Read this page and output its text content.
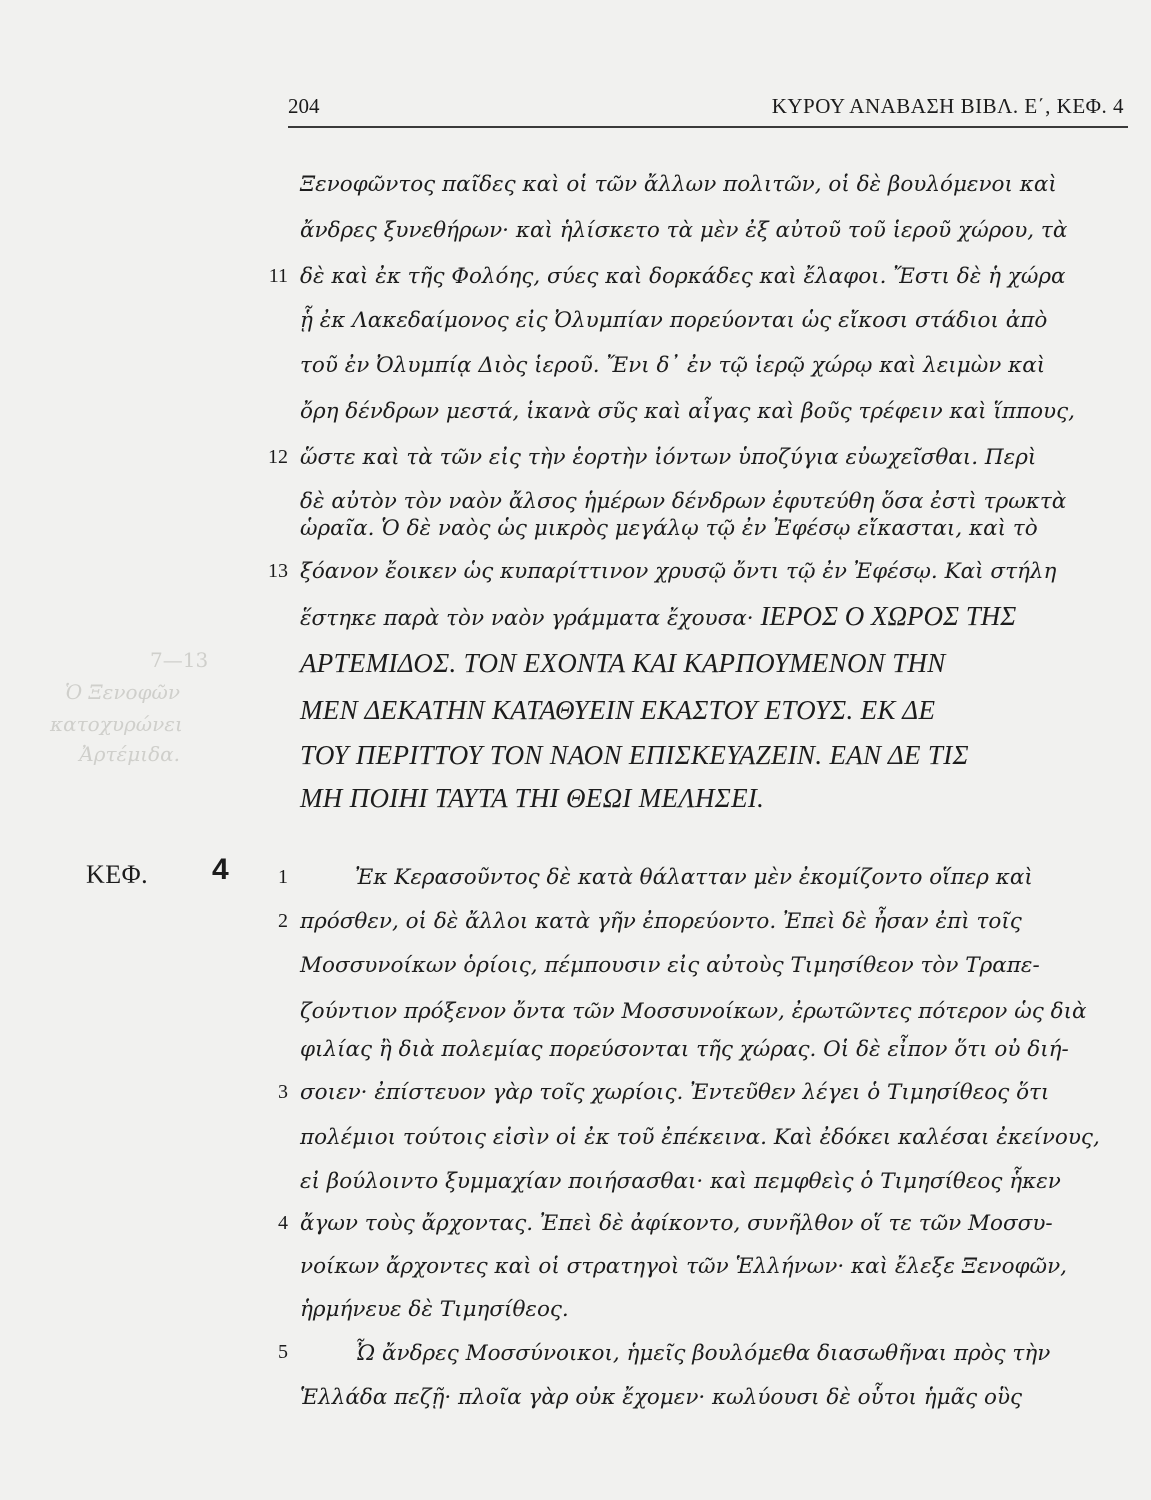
7—13
Ὁ Ξενοφῶν
κατοχυρώνει
Ἀρτέμιδα.
204	ΚΥΡΟΥ ΑΝΑΒΑΣΗ ΒΙΒΛ. Ε΄, ΚΕΦ. 4
11
12
13
1
2
3
4
5
ΚΕΦ. 4
Ξενοφῶντος παῖδες καὶ οἱ τῶν ἄλλων πολιτῶν, οἱ δὲ βουλόμενοι καὶ
ἄνδρες ξυνεθήρων· καὶ ἡλίσκετο τὰ μὲν ἐξ αὐτοῦ τοῦ ἱεροῦ χώρου, τὰ
δὲ καὶ ἐκ τῆς Φολόης, σύες καὶ δορκάδες καὶ ἔλαφοι. Ἔστι δὲ ἡ χώρα
ᾗ ἐκ Λακεδαίμονος εἰς Ὀλυμπίαν πορεύονται ὡς εἴκοσι στάδιοι ἀπὸ
τοῦ ἐν Ὀλυμπίᾳ Διὸς ἱεροῦ. Ἔνι δ᾽ ἐν τῷ ἱερῷ χώρῳ καὶ λειμὼν καὶ
ὄρη δένδρων μεστά, ἱκανὰ σῦς καὶ αἶγας καὶ βοῦς τρέφειν καὶ ἵππους,
ὥστε καὶ τὰ τῶν εἰς τὴν ἑορτὴν ἰόντων ὑποζύγια εὐωχεῖσθαι. Περὶ
δὲ αὐτὸν τὸν ναὸν ἄλσος ἡμέρων δένδρων ἐφυτεύθη ὅσα ἐστὶ τρωκτὰ
ὡραῖα. Ὁ δὲ ναὸς ὡς μικρὸς μεγάλῳ τῷ ἐν Ἐφέσῳ εἴκασται, καὶ τὸ
ξόανον ἔοικεν ὡς κυπαρίττινον χρυσῷ ὄντι τῷ ἐν Ἐφέσῳ. Καὶ στήλη
ἕστηκε παρὰ τὸν ναὸν γράμματα ἔχουσα· ΙΕΡΟΣ Ο ΧΩΡΟΣ ΤΗΣ
ΑΡΤΕΜΙΔΟΣ. ΤΟΝ ΕΧΟΝΤΑ ΚΑΙ ΚΑΡΠΟΥΜΕΝΟΝ ΤΗΝ
ΜΕΝ ΔΕΚΑΤΗΝ ΚΑΤΑΘΥΕΙΝ ΕΚΑΣΤΟΥ ΕΤΟΥΣ. ΕΚ ΔΕ
ΤΟΥ ΠΕΡΙΤΤΟΥ ΤΟΝ ΝΑΟΝ ΕΠΙΣΚΕΥΑΖΕΙΝ. ΕΑΝ ΔΕ ΤΙΣ
ΜΗ ΠΟΙΗΙ ΤΑΥΤΑ ΤΗΙ ΘΕΩΙ ΜΕΛΗΣΕΙ.
Ἐκ Κερασοῦντος δὲ κατὰ θάλατταν μὲν ἐκομίζοντο οἵπερ καὶ
πρόσθεν, οἱ δὲ ἄλλοι κατὰ γῆν ἐπορεύοντο. Ἐπεὶ δὲ ἦσαν ἐπὶ τοῖς
Μοσσυνοίκων ὁρίοις, πέμπουσιν εἰς αὐτοὺς Τιμησίθεον τὸν Τραπε-
ζούντιον πρόξενον ὄντα τῶν Μοσσυνοίκων, ἐρωτῶντες πότερον ὡς διὰ
φιλίας ἢ διὰ πολεμίας πορεύσονται τῆς χώρας. Οἱ δὲ εἶπον ὅτι οὐ διή-
σοιεν· ἐπίστευον γὰρ τοῖς χωρίοις. Ἐντεῦθεν λέγει ὁ Τιμησίθεος ὅτι
πολέμιοι τούτοις εἰσὶν οἱ ἐκ τοῦ ἐπέκεινα. Καὶ ἐδόκει καλέσαι ἐκείνους,
εἰ βούλοιντο ξυμμαχίαν ποιήσασθαι· καὶ πεμφθεὶς ὁ Τιμησίθεος ἧκεν
ἄγων τοὺς ἄρχοντας. Ἐπεὶ δὲ ἀφίκοντο, συνῆλθον οἵ τε τῶν Μοσσυ-
νοίκων ἄρχοντες καὶ οἱ στρατηγοὶ τῶν Ἑλλήνων· καὶ ἔλεξε Ξενοφῶν,
ἡρμήνευε δὲ Τιμησίθεος.
Ὦ ἄνδρες Μοσσύνοικοι, ἡμεῖς βουλόμεθα διασωθῆναι πρὸς τὴν
Ἑλλάδα πεζῇ· πλοῖα γὰρ οὐκ ἔχομεν· κωλύουσι δὲ οὗτοι ἡμᾶς οὓς
